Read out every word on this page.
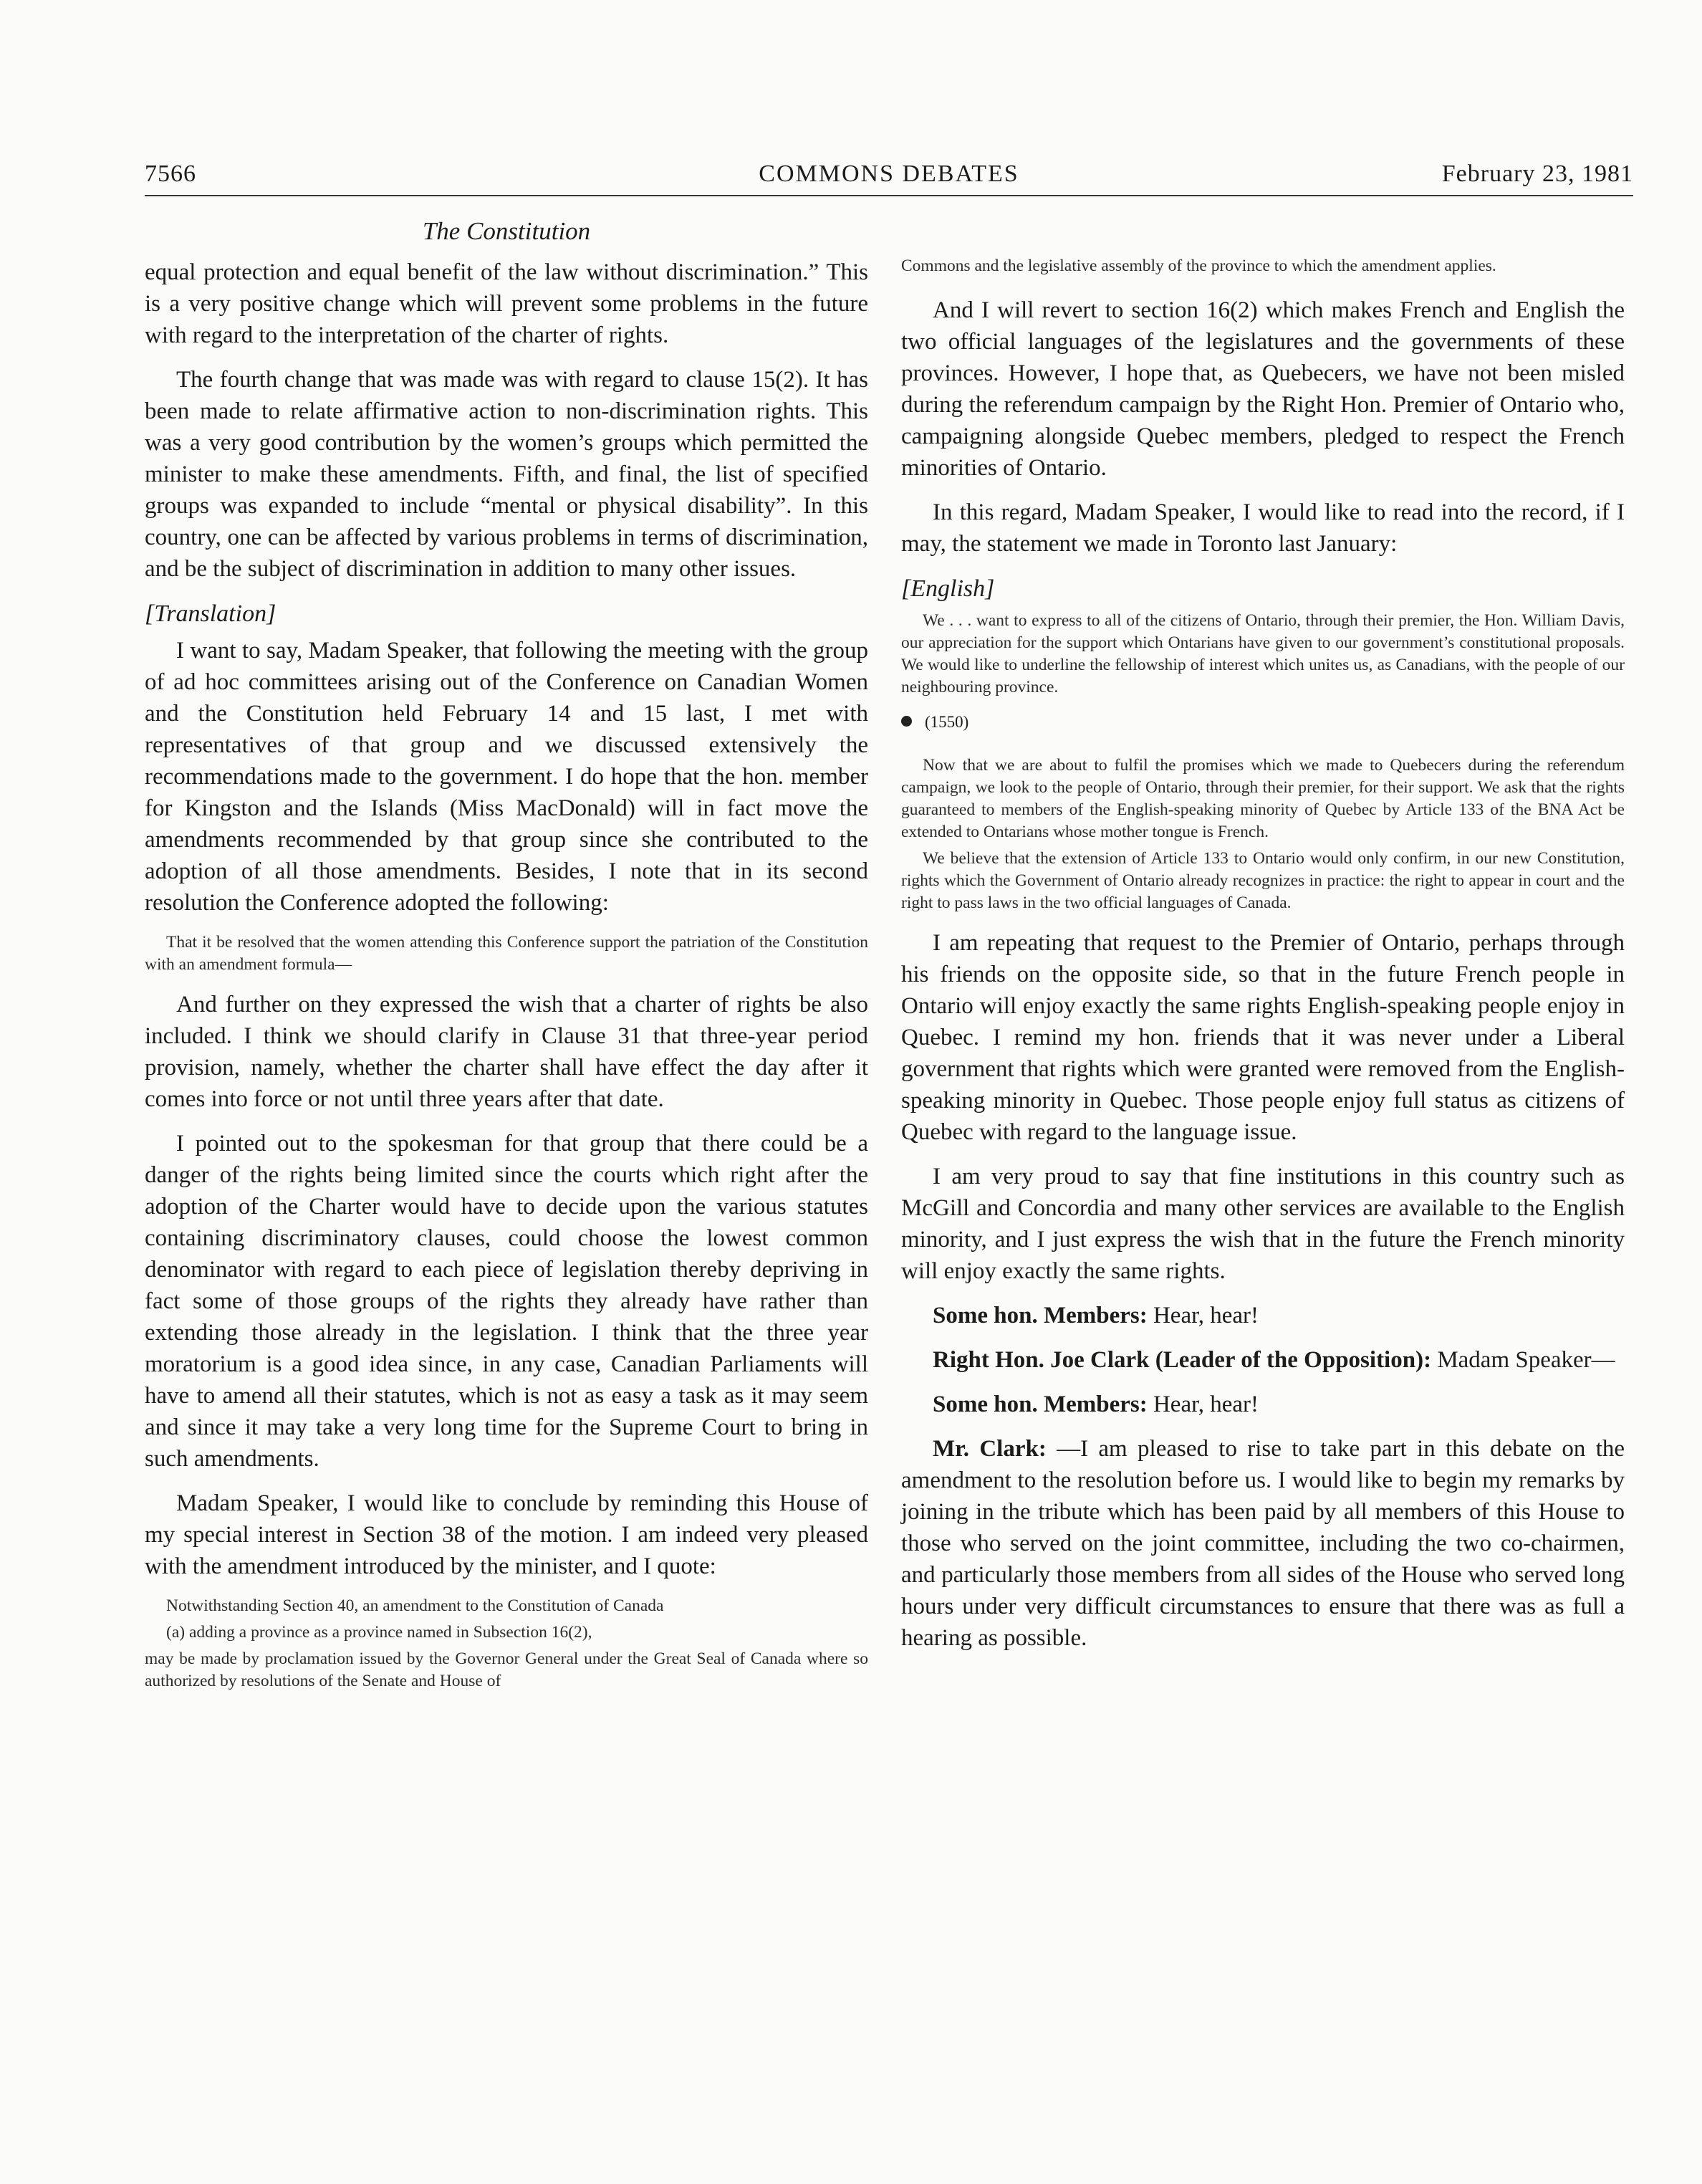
COMMONS DEBATES
7566	February 23, 1981
The Constitution

equal protection and equal benefit of the law without discrimination.” This is a very positive change which will prevent some problems in the future with regard to the interpretation of the charter of rights.

The fourth change that was made was with regard to clause 15(2). It has been made to relate affirmative action to non-discrimination rights. This was a very good contribution by the women’s groups which permitted the minister to make these amendments. Fifth, and final, the list of specified groups was expanded to include “mental or physical disability”. In this country, one can be affected by various problems in terms of discrimination, and be the subject of discrimination in addition to many other issues.

[Translation]

I want to say, Madam Speaker, that following the meeting with the group of ad hoc committees arising out of the Conference on Canadian Women and the Constitution held February 14 and 15 last, I met with representatives of that group and we discussed extensively the recommendations made to the government. I do hope that the hon. member for Kingston and the Islands (Miss MacDonald) will in fact move the amendments recommended by that group since she contributed to the adoption of all those amendments. Besides, I note that in its second resolution the Conference adopted the following:

That it be resolved that the women attending this Conference support the patriation of the Constitution with an amendment formula—

And further on they expressed the wish that a charter of rights be also included. I think we should clarify in Clause 31 that three-year period provision, namely, whether the charter shall have effect the day after it comes into force or not until three years after that date.

I pointed out to the spokesman for that group that there could be a danger of the rights being limited since the courts which right after the adoption of the Charter would have to decide upon the various statutes containing discriminatory clauses, could choose the lowest common denominator with regard to each piece of legislation thereby depriving in fact some of those groups of the rights they already have rather than extending those already in the legislation. I think that the three year moratorium is a good idea since, in any case, Canadian Parliaments will have to amend all their statutes, which is not as easy a task as it may seem and since it may take a very long time for the Supreme Court to bring in such amendments.

Madam Speaker, I would like to conclude by reminding this House of my special interest in Section 38 of the motion. I am indeed very pleased with the amendment introduced by the minister, and I quote:

Notwithstanding Section 40, an amendment to the Constitution of Canada

(a) adding a province as a province named in Subsection 16(2),

may be made by proclamation issued by the Governor General under the Great Seal of Canada where so authorized by resolutions of the Senate and House of

Commons and the legislative assembly of the province to which the amendment applies.

And I will revert to section 16(2) which makes French and English the two official languages of the legislatures and the governments of these provinces. However, I hope that, as Quebecers, we have not been misled during the referendum campaign by the Right Hon. Premier of Ontario who, campaigning alongside Quebec members, pledged to respect the French minorities of Ontario.

In this regard, Madam Speaker, I would like to read into the record, if I may, the statement we made in Toronto last January:

[English]

We . . . want to express to all of the citizens of Ontario, through their premier, the Hon. William Davis, our appreciation for the support which Ontarians have given to our government’s constitutional proposals. We would like to underline the fellowship of interest which unites us, as Canadians, with the people of our neighbouring province.

(1550)

Now that we are about to fulfil the promises which we made to Quebecers during the referendum campaign, we look to the people of Ontario, through their premier, for their support. We ask that the rights guaranteed to members of the English-speaking minority of Quebec by Article 133 of the BNA Act be extended to Ontarians whose mother tongue is French.

We believe that the extension of Article 133 to Ontario would only confirm, in our new Constitution, rights which the Government of Ontario already recognizes in practice: the right to appear in court and the right to pass laws in the two official languages of Canada.

I am repeating that request to the Premier of Ontario, perhaps through his friends on the opposite side, so that in the future French people in Ontario will enjoy exactly the same rights English-speaking people enjoy in Quebec. I remind my hon. friends that it was never under a Liberal government that rights which were granted were removed from the English-speaking minority in Quebec. Those people enjoy full status as citizens of Quebec with regard to the language issue.

I am very proud to say that fine institutions in this country such as McGill and Concordia and many other services are available to the English minority, and I just express the wish that in the future the French minority will enjoy exactly the same rights.

Some hon. Members: Hear, hear!

Right Hon. Joe Clark (Leader of the Opposition): Madam Speaker—

Some hon. Members: Hear, hear!

Mr. Clark: —I am pleased to rise to take part in this debate on the amendment to the resolution before us. I would like to begin my remarks by joining in the tribute which has been paid by all members of this House to those who served on the joint committee, including the two co-chairmen, and particularly those members from all sides of the House who served long hours under very difficult circumstances to ensure that there was as full a hearing as possible.
